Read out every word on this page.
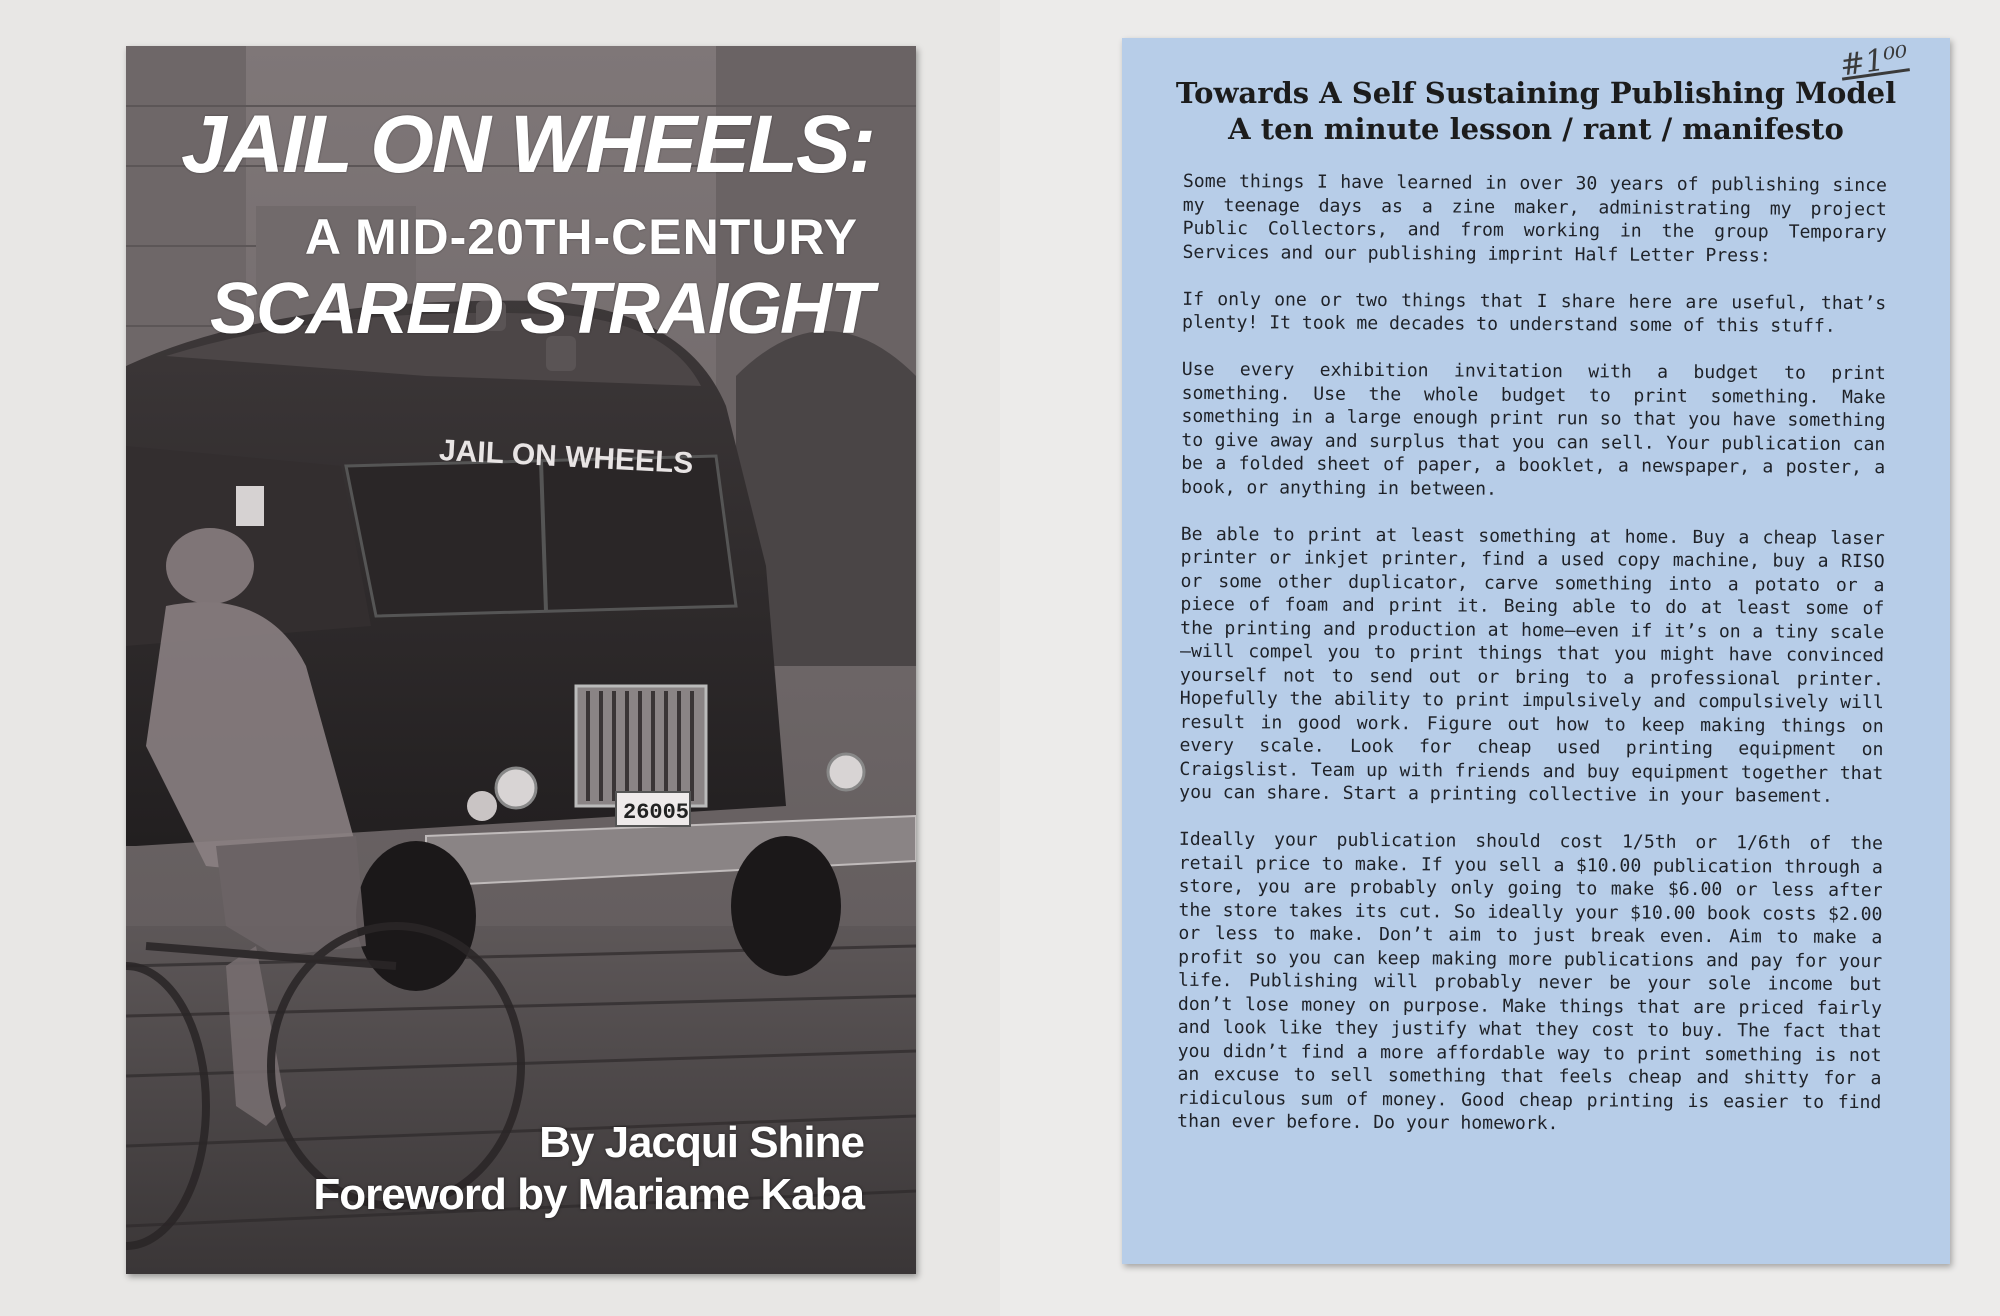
JAIL ON WHEELS
26005
JAIL ON WHEELS:
A MID-20TH-CENTURY
SCARED STRAIGHT
By Jacqui Shine
Foreword by Mariame Kaba
#1⁰⁰
Towards A Self Sustaining Publishing Model
A ten minute lesson / rant / manifesto

Some things I have learned in over 30 years of publishing since my teenage days as a zine maker, administrating my project Public Collectors, and from working in the group Temporary Services and our publishing imprint Half Letter Press:

If only one or two things that I share here are useful, that’s plenty! It took me decades to understand some of this stuff.

Use every exhibition invitation with a budget to print something. Use the whole budget to print something. Make something in a large enough print run so that you have something to give away and surplus that you can sell. Your publication can be a folded sheet of paper, a booklet, a newspaper, a poster, a book, or anything in between.

Be able to print at least something at home. Buy a cheap laser printer or inkjet printer, find a used copy machine, buy a RISO or some other duplicator, carve something into a potato or a piece of foam and print it. Being able to do at least some of the printing and production at home—even if it’s on a tiny scale—will compel you to print things that you might have convinced yourself not to send out or bring to a professional printer. Hopefully the ability to print impulsively and compulsively will result in good work. Figure out how to keep making things on every scale. Look for cheap used printing equipment on Craigslist. Team up with friends and buy equipment together that you can share. Start a printing collective in your basement.

Ideally your publication should cost 1/5th or 1/6th of the retail price to make. If you sell a $10.00 publication through a store, you are probably only going to make $6.00 or less after the store takes its cut. So ideally your $10.00 book costs $2.00 or less to make. Don’t aim to just break even. Aim to make a profit so you can keep making more publications and pay for your life. Publishing will probably never be your sole income but don’t lose money on purpose. Make things that are priced fairly and look like they justify what they cost to buy. The fact that you didn’t find a more affordable way to print something is not an excuse to sell something that feels cheap and shitty for a ridiculous sum of money. Good cheap printing is easier to find than ever before. Do your homework.
